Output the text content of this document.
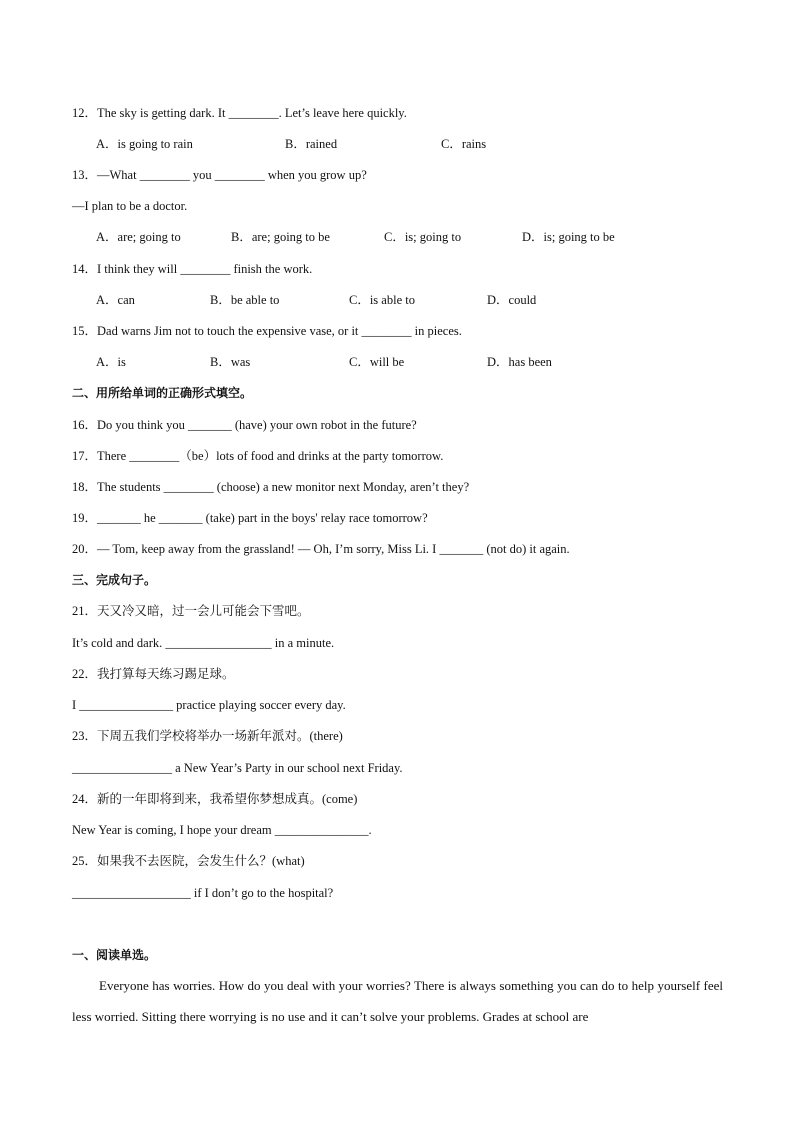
12．The sky is getting dark. It ________. Let’s leave here quickly.
A．is going to rain	B．rained	C．rains
13．—What ________ you ________ when you grow up?
—I plan to be a doctor.
A．are; going to	B．are; going to be	C．is; going to	D．is; going to be
14．I think they will ________ finish the work.
A．can	B．be able to	C．is able to	D．could
15．Dad warns Jim not to touch the expensive vase, or it ________ in pieces.
A．is	B．was	C．will be	D．has been
二、用所给单词的正确形式填空。
16．Do you think you _______ (have) your own robot in the future?
17．There ________（be）lots of food and drinks at the party tomorrow.
18．The students ________ (choose) a new monitor next Monday, aren’t they?
19．_______ he _______ (take) part in the boys' relay race tomorrow?
20．— Tom, keep away from the grassland! — Oh, I’m sorry, Miss Li. I _______ (not do) it again.
三、完成句子。
21．天又冷又暗，过一会儿可能会下雪吧。
It’s cold and dark. _________________ in a minute.
22．我打算每天练习踢足球。
I _______________ practice playing soccer every day.
23．下周五我们学校将举办一场新年派对。(there)
________________ a New Year’s Party in our school next Friday.
24．新的一年即将到来，我希望你梦想成真。(come)
New Year is coming, I hope your dream _______________.
25．如果我不去医院，会发生什么？(what)
___________________ if I don’t go to the hospital?
一、阅读单选。
Everyone has worries. How do you deal with your worries? There is always something you can do to help yourself feel less worried. Sitting there worrying is no use and it can’t solve your problems. Grades at school are
